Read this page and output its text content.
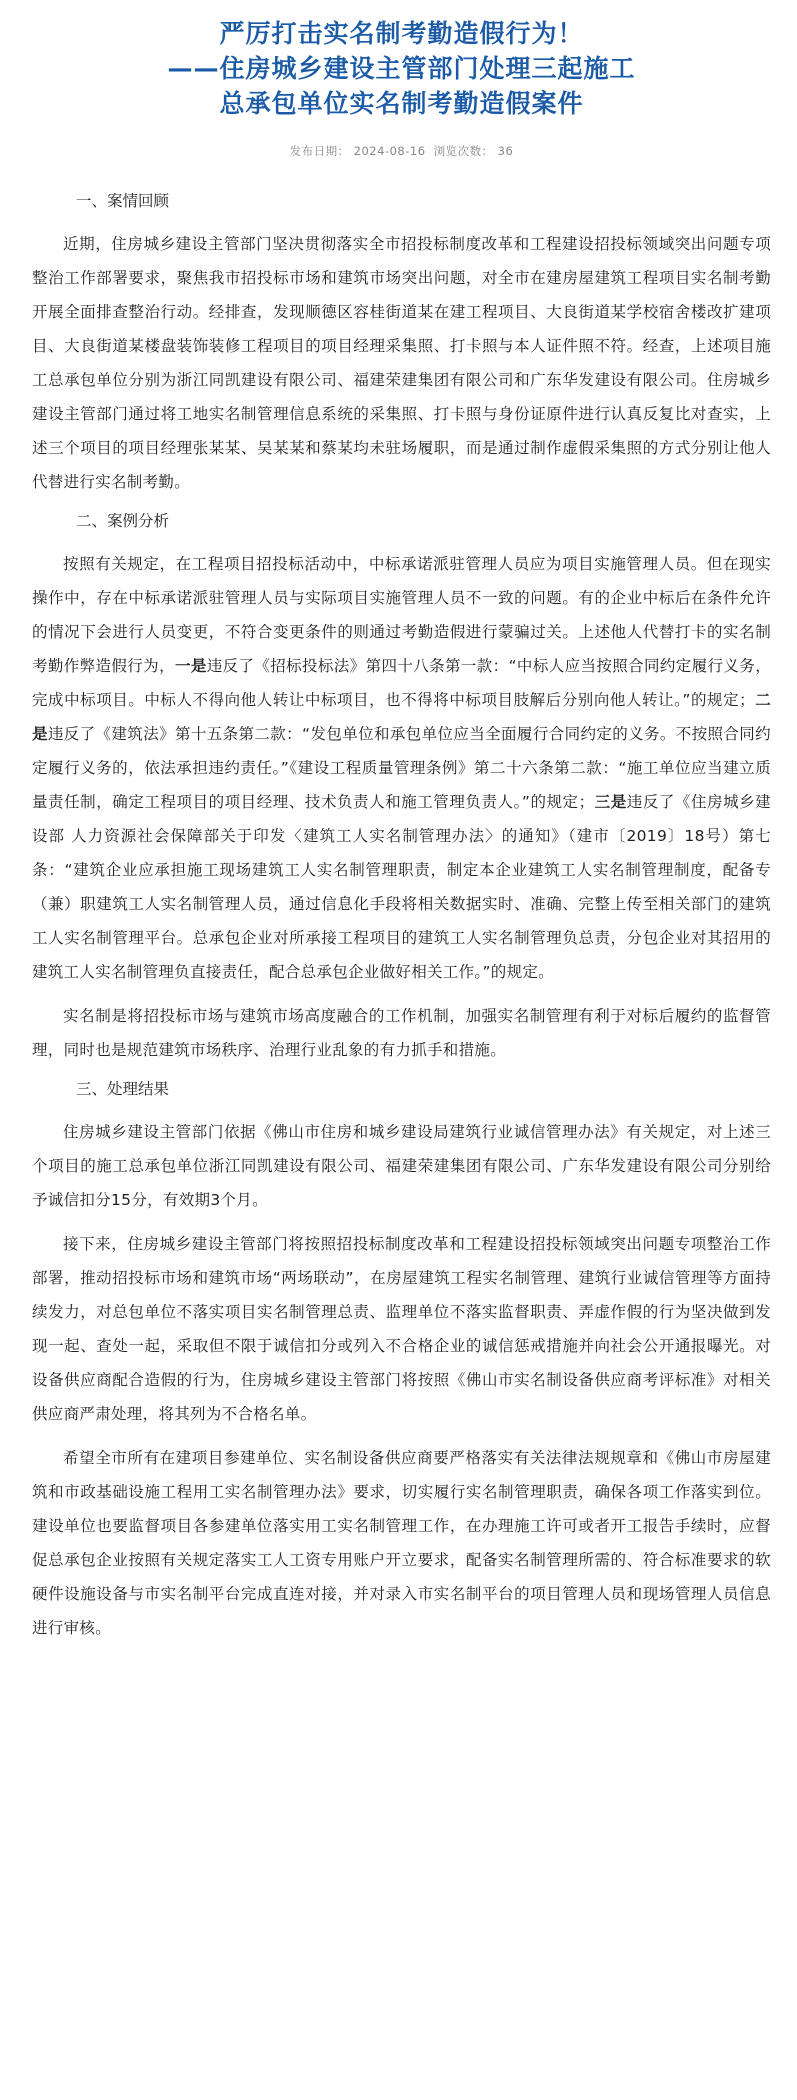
严厉打击实名制考勤造假行为！
——住房城乡建设主管部门处理三起施工
总承包单位实名制考勤造假案件
发布日期： 2024-08-16 浏览次数： 36
一、案情回顾

近期，住房城乡建设主管部门坚决贯彻落实全市招投标制度改革和工程建设招投标领域突出问题专项整治工作部署要求，聚焦我市招投标市场和建筑市场突出问题，对全市在建房屋建筑工程项目实名制考勤开展全面排查整治行动。经排查，发现顺德区容桂街道某在建工程项目、大良街道某学校宿舍楼改扩建项目、大良街道某楼盘装饰装修工程项目的项目经理采集照、打卡照与本人证件照不符。经查，上述项目施工总承包单位分别为浙江同凯建设有限公司、福建荣建集团有限公司和广东华发建设有限公司。住房城乡建设主管部门通过将工地实名制管理信息系统的采集照、打卡照与身份证原件进行认真反复比对查实，上述三个项目的项目经理张某某、吴某某和蔡某均未驻场履职，而是通过制作虚假采集照的方式分别让他人代替进行实名制考勤。

二、案例分析

按照有关规定，在工程项目招投标活动中，中标承诺派驻管理人员应为项目实施管理人员。但在现实操作中，存在中标承诺派驻管理人员与实际项目实施管理人员不一致的问题。有的企业中标后在条件允许的情况下会进行人员变更，不符合变更条件的则通过考勤造假进行蒙骗过关。上述他人代替打卡的实名制考勤作弊造假行为，一是违反了《招标投标法》第四十八条第一款：“中标人应当按照合同约定履行义务，完成中标项目。中标人不得向他人转让中标项目，也不得将中标项目肢解后分别向他人转让。”的规定；二是违反了《建筑法》第十五条第二款：“发包单位和承包单位应当全面履行合同约定的义务。不按照合同约定履行义务的，依法承担违约责任。”《建设工程质量管理条例》第二十六条第二款：“施工单位应当建立质量责任制，确定工程项目的项目经理、技术负责人和施工管理负责人。”的规定；三是违反了《住房城乡建设部 人力资源社会保障部关于印发〈建筑工人实名制管理办法〉的通知》（建市〔2019〕18号）第七条：“建筑企业应承担施工现场建筑工人实名制管理职责，制定本企业建筑工人实名制管理制度，配备专（兼）职建筑工人实名制管理人员，通过信息化手段将相关数据实时、准确、完整上传至相关部门的建筑工人实名制管理平台。总承包企业对所承接工程项目的建筑工人实名制管理负总责，分包企业对其招用的建筑工人实名制管理负直接责任，配合总承包企业做好相关工作。”的规定。

实名制是将招投标市场与建筑市场高度融合的工作机制，加强实名制管理有利于对标后履约的监督管理，同时也是规范建筑市场秩序、治理行业乱象的有力抓手和措施。

三、处理结果

住房城乡建设主管部门依据《佛山市住房和城乡建设局建筑行业诚信管理办法》有关规定，对上述三个项目的施工总承包单位浙江同凯建设有限公司、福建荣建集团有限公司、广东华发建设有限公司分别给予诚信扣分15分，有效期3个月。

接下来，住房城乡建设主管部门将按照招投标制度改革和工程建设招投标领域突出问题专项整治工作部署，推动招投标市场和建筑市场“两场联动”，在房屋建筑工程实名制管理、建筑行业诚信管理等方面持续发力，对总包单位不落实项目实名制管理总责、监理单位不落实监督职责、弄虚作假的行为坚决做到发现一起、查处一起，采取但不限于诚信扣分或列入不合格企业的诚信惩戒措施并向社会公开通报曝光。对设备供应商配合造假的行为，住房城乡建设主管部门将按照《佛山市实名制设备供应商考评标准》对相关供应商严肃处理，将其列为不合格名单。

希望全市所有在建项目参建单位、实名制设备供应商要严格落实有关法律法规规章和《佛山市房屋建筑和市政基础设施工程用工实名制管理办法》要求，切实履行实名制管理职责，确保各项工作落实到位。建设单位也要监督项目各参建单位落实用工实名制管理工作，在办理施工许可或者开工报告手续时，应督促总承包企业按照有关规定落实工人工资专用账户开立要求，配备实名制管理所需的、符合标准要求的软硬件设施设备与市实名制平台完成直连对接，并对录入市实名制平台的项目管理人员和现场管理人员信息进行审核。
